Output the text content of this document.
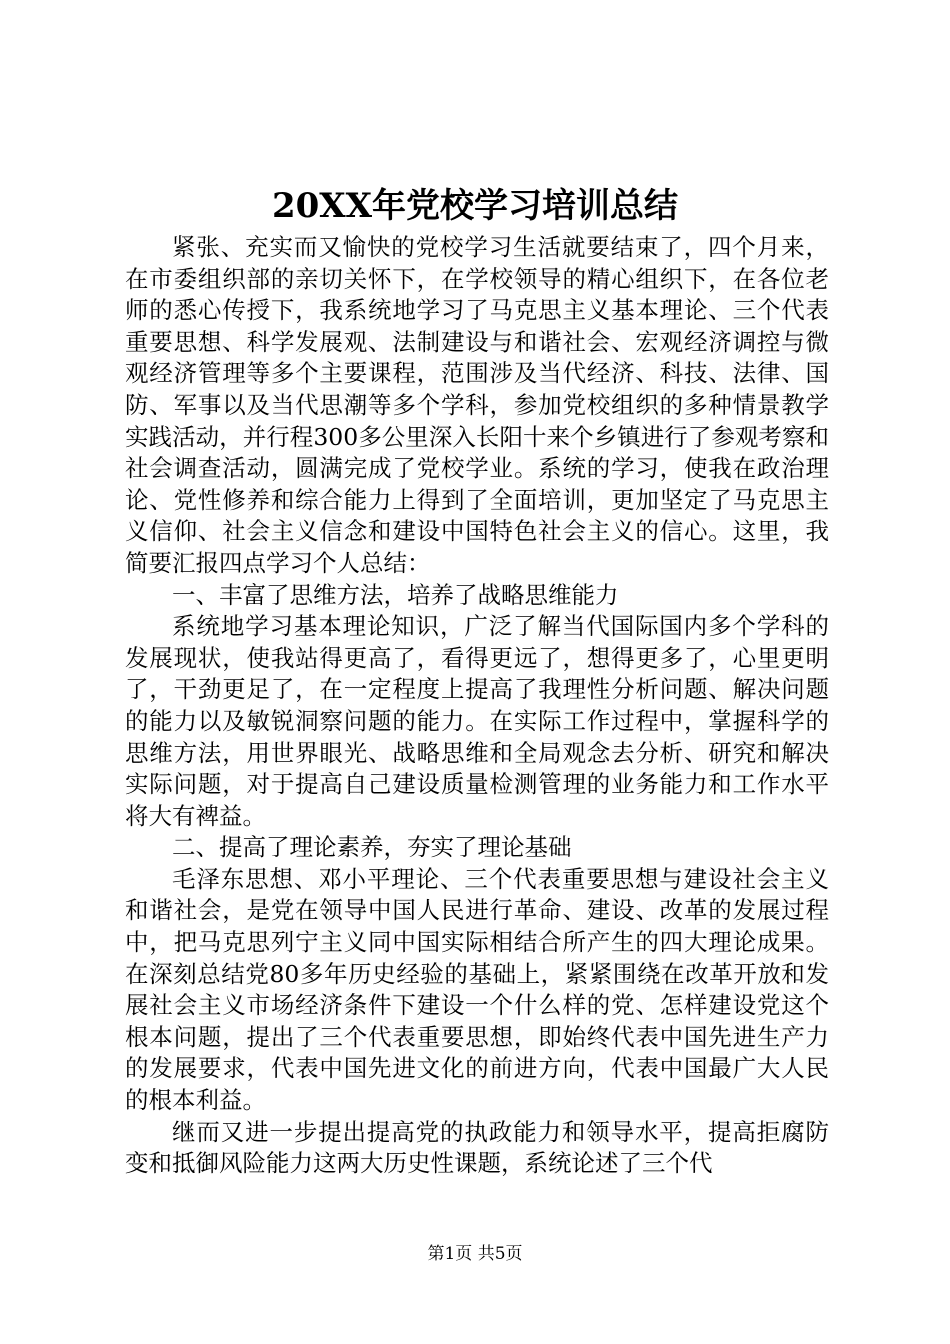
20XX年党校学习培训总结

紧张、充实而又愉快的党校学习生活就要结束了，四个月来，在市委组织部的亲切关怀下，在学校领导的精心组织下，在各位老师的悉心传授下，我系统地学习了马克思主义基本理论、三个代表重要思想、科学发展观、法制建设与和谐社会、宏观经济调控与微观经济管理等多个主要课程，范围涉及当代经济、科技、法律、国防、军事以及当代思潮等多个学科，参加党校组织的多种情景教学实践活动，并行程300多公里深入长阳十来个乡镇进行了参观考察和社会调查活动，圆满完成了党校学业。系统的学习，使我在政治理论、党性修养和综合能力上得到了全面培训，更加坚定了马克思主义信仰、社会主义信念和建设中国特色社会主义的信心。这里，我简要汇报四点学习个人总结：

一、丰富了思维方法，培养了战略思维能力

系统地学习基本理论知识，广泛了解当代国际国内多个学科的发展现状，使我站得更高了，看得更远了，想得更多了，心里更明了，干劲更足了，在一定程度上提高了我理性分析问题、解决问题的能力以及敏锐洞察问题的能力。在实际工作过程中，掌握科学的思维方法，用世界眼光、战略思维和全局观念去分析、研究和解决实际问题，对于提高自己建设质量检测管理的业务能力和工作水平将大有裨益。

二、提高了理论素养，夯实了理论基础

毛泽东思想、邓小平理论、三个代表重要思想与建设社会主义和谐社会，是党在领导中国人民进行革命、建设、改革的发展过程中，把马克思列宁主义同中国实际相结合所产生的四大理论成果。在深刻总结党80多年历史经验的基础上，紧紧围绕在改革开放和发展社会主义市场经济条件下建设一个什么样的党、怎样建设党这个根本问题，提出了三个代表重要思想，即始终代表中国先进生产力的发展要求，代表中国先进文化的前进方向，代表中国最广大人民的根本利益。

继而又进一步提出提高党的执政能力和领导水平，提高拒腐防变和抵御风险能力这两大历史性课题，系统论述了三个代

第1页 共5页
